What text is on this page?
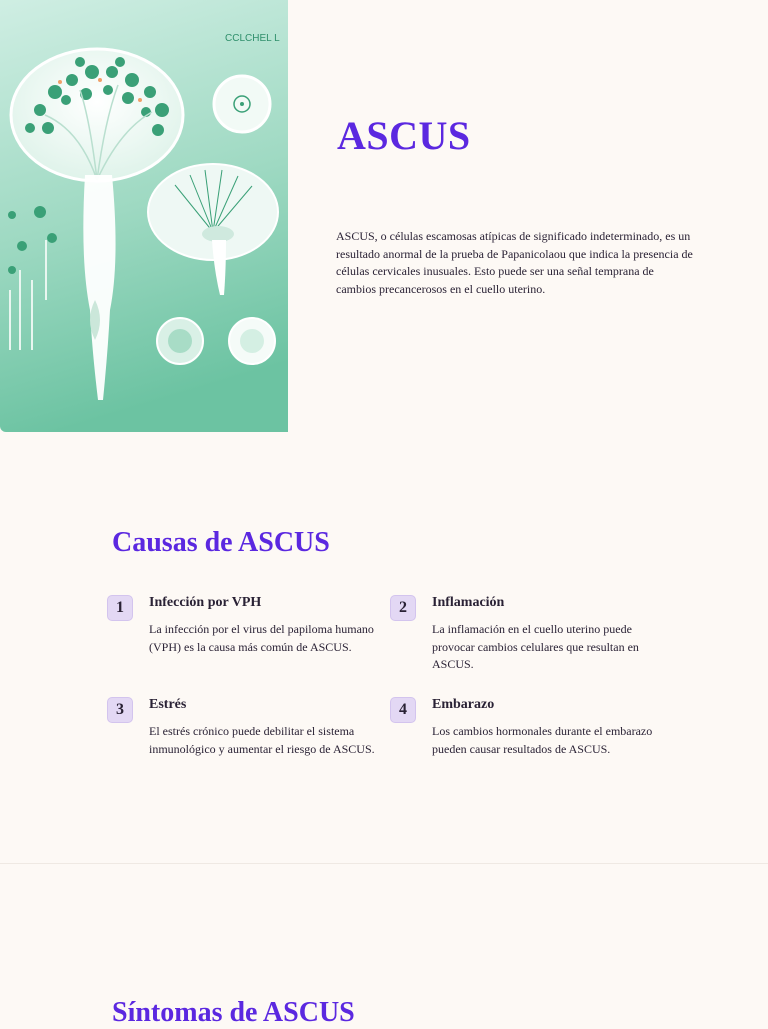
CCLCHEL L
ASCUS

ASCUS, o células escamosas atípicas de significado indeterminado, es un resultado anormal de la prueba de Papanicolaou que indica la presencia de células cervicales inusuales. Esto puede ser una señal temprana de cambios precancerosos en el cuello uterino.

Causas de ASCUS
1	Infección por VPH

La infección por el virus del papiloma humano (VPH) es la causa más común de ASCUS.

2	Inflamación

La inflamación en el cuello uterino puede provocar cambios celulares que resultan en ASCUS.

3	Estrés

El estrés crónico puede debilitar el sistema inmunológico y aumentar el riesgo de ASCUS.

4	Embarazo

Los cambios hormonales durante el embarazo pueden causar resultados de ASCUS.

Síntomas de ASCUS
